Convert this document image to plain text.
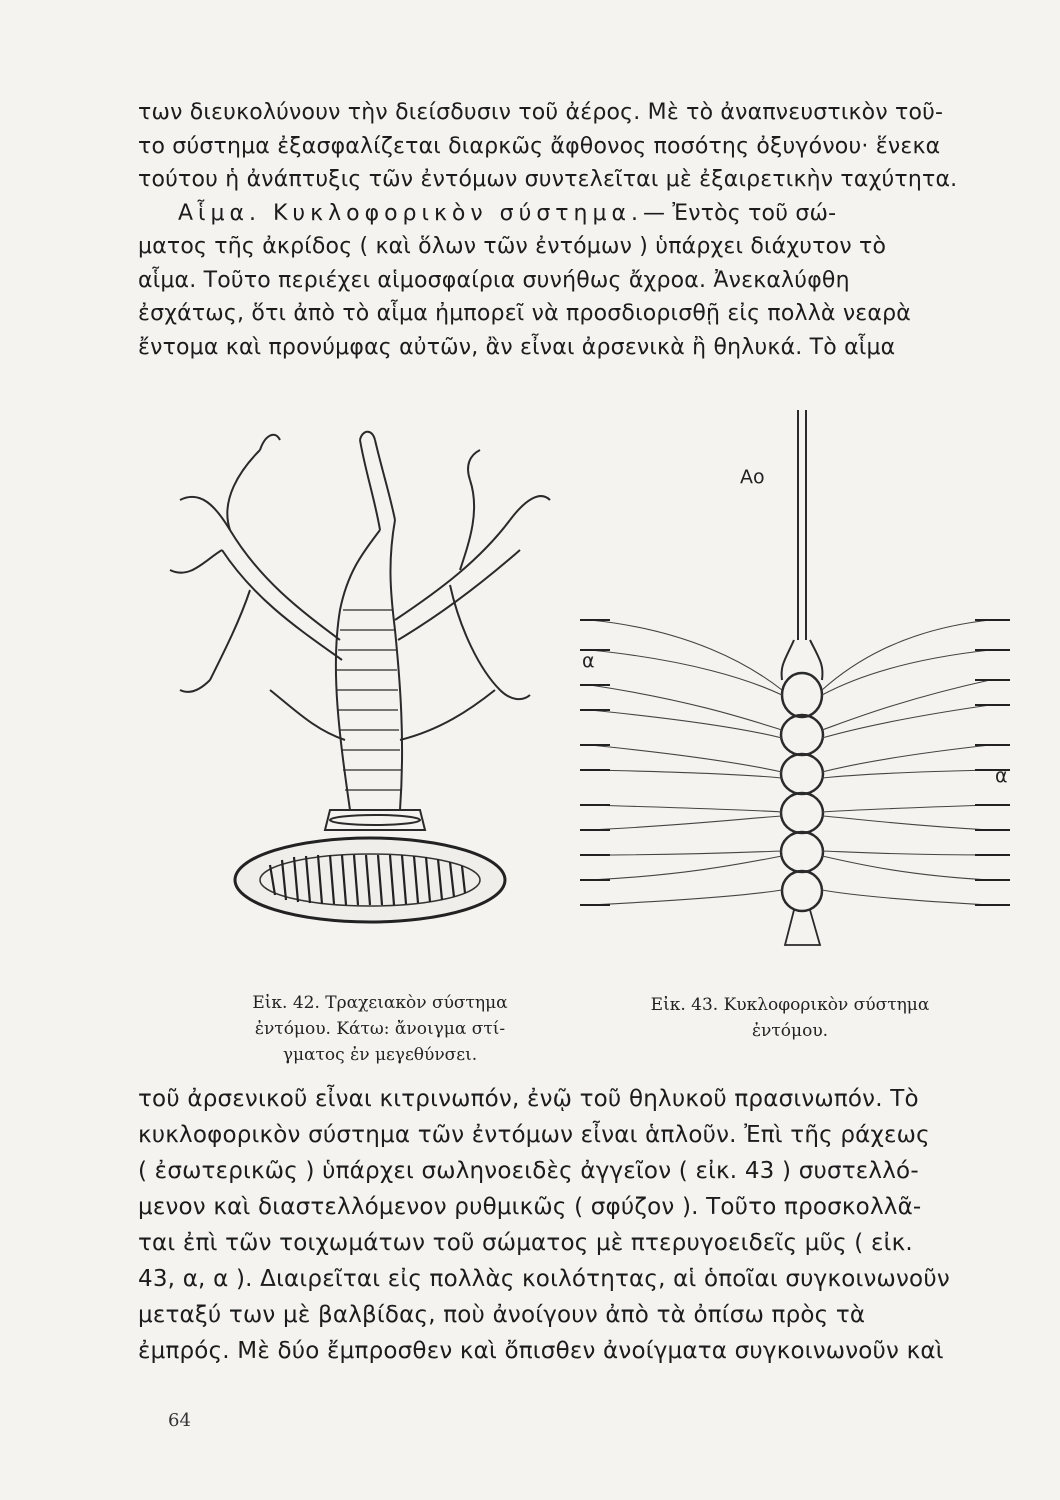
των διευκολύνουν τὴν διείσδυσιν τοῦ ἀέρος. Μὲ τὸ ἀναπνευστικὸν τοῦ-
το σύστημα ἐξασφαλίζεται διαρκῶς ἄφθονος ποσότης ὀξυγόνου· ἕνεκα
τούτου ἡ ἀνάπτυξις τῶν ἐντόμων συντελεῖται μὲ ἐξαιρετικὴν ταχύτητα.
Αἷμα. Κυκλοφορικὸν σύστημα.— Ἐντὸς τοῦ σώ-
ματος τῆς ἀκρίδος ( καὶ ὅλων τῶν ἐντόμων ) ὑπάρχει διάχυτον τὸ
αἷμα. Τοῦτο περιέχει αἱμοσφαίρια συνήθως ἄχροα. Ἀνεκαλύφθη
ἐσχάτως, ὅτι ἀπὸ τὸ αἷμα ἠμπορεῖ νὰ προσδιορισθῇ εἰς πολλὰ νεαρὰ
ἔντομα καὶ προνύμφας αὐτῶν, ἂν εἶναι ἀρσενικὰ ἢ θηλυκά. Τὸ αἷμα
Εἰκ. 42. Τραχειακὸν σύστημα
ἐντόμου. Κάτω: ἄνοιγμα στί-
γματος ἐν μεγεθύνσει.
Αο
α
α
Εἰκ. 43. Κυκλοφορικὸν σύστημα
ἐντόμου.
τοῦ ἀρσενικοῦ εἶναι κιτρινωπόν, ἐνῷ τοῦ θηλυκοῦ πρασινωπόν. Τὸ
κυκλοφορικὸν σύστημα τῶν ἐντόμων εἶναι ἁπλοῦν. Ἐπὶ τῆς ράχεως
( ἐσωτερικῶς ) ὑπάρχει σωληνοειδὲς ἀγγεῖον ( εἰκ. 43 ) συστελλό-
μενον καὶ διαστελλόμενον ρυθμικῶς ( σφύζον ). Τοῦτο προσκολλᾶ-
ται ἐπὶ τῶν τοιχωμάτων τοῦ σώματος μὲ πτερυγοειδεῖς μῦς ( εἰκ.
43, α, α ). Διαιρεῖται εἰς πολλὰς κοιλότητας, αἱ ὁποῖαι συγκοινωνοῦν
μεταξύ των μὲ βαλβίδας, ποὺ ἀνοίγουν ἀπὸ τὰ ὀπίσω πρὸς τὰ
ἐμπρός. Μὲ δύο ἔμπροσθεν καὶ ὄπισθεν ἀνοίγματα συγκοινωνοῦν καὶ
64
